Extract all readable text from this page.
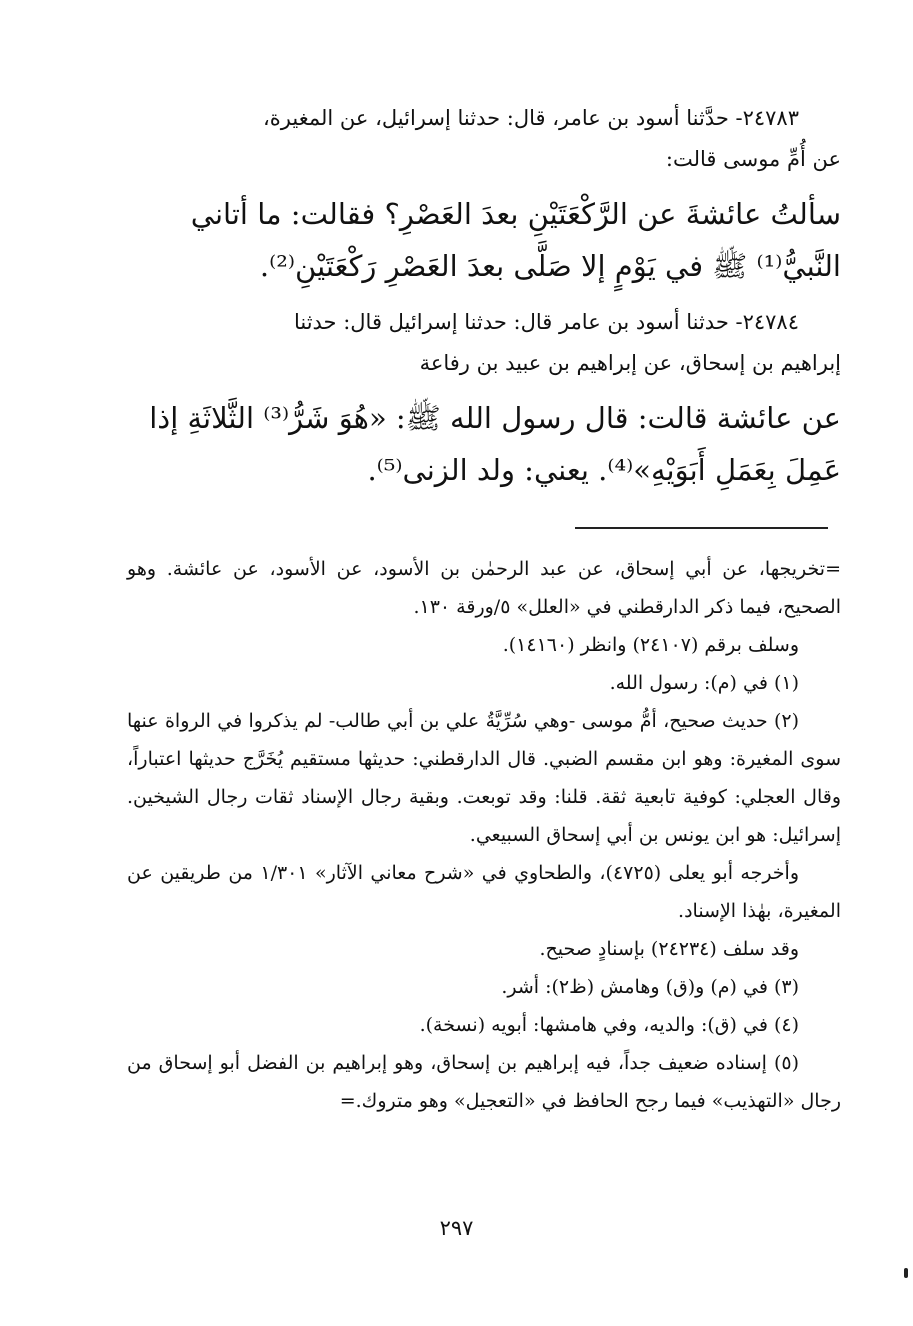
٢٤٧٨٣- حدَّثنا أسود بن عامر، قال: حدثنا إسرائيل، عن المغيرة،

عن أُمِّ موسى قالت:

سألتُ عائشةَ عن الرَّكْعَتَيْنِ بعدَ العَصْرِ؟ فقالت: ما أتاني

النَّبيُّ⁽¹⁾ ﷺ في يَوْمٍ إلا صَلَّى بعدَ العَصْرِ رَكْعَتَيْنِ⁽²⁾.

٢٤٧٨٤- حدثنا أسود بن عامر قال: حدثنا إسرائيل قال: حدثنا

إبراهيم بن إسحاق، عن إبراهيم بن عبيد بن رفاعة

عن عائشة قالت: قال رسول الله ﷺ: «هُوَ شَرُّ⁽³⁾ الثَّلاثَةِ إذا

عَمِلَ بِعَمَلِ أَبَوَيْهِ»⁽⁴⁾. يعني: ولد الزنى⁽⁵⁾.

=تخريجها، عن أبي إسحاق، عن عبد الرحمٰن بن الأسود، عن الأسود، عن عائشة. وهو الصحيح، فيما ذكر الدارقطني في «العلل» ٥/ورقة ١٣٠.

وسلف برقم (٢٤١٠٧) وانظر (١٤١٦٠).

(١) في (م): رسول الله.

(٢) حديث صحيح، أمُّ موسى -وهي سُرِّيَّةُ علي بن أبي طالب- لم يذكروا في الرواة عنها سوى المغيرة: وهو ابن مقسم الضبي. قال الدارقطني: حديثها مستقيم يُخَرَّج حديثها اعتباراً، وقال العجلي: كوفية تابعية ثقة. قلنا: وقد توبعت. وبقية رجال الإسناد ثقات رجال الشيخين. إسرائيل: هو ابن يونس بن أبي إسحاق السبيعي.

وأخرجه أبو يعلى (٤٧٢٥)، والطحاوي في «شرح معاني الآثار» ١/٣٠١ من طريقين عن المغيرة، بهٰذا الإسناد.

وقد سلف (٢٤٢٣٤) بإسنادٍ صحيح.

(٣) في (م) و(ق) وهامش (ظ٢): أشر.

(٤) في (ق): والديه، وفي هامشها: أبويه (نسخة).

(٥) إسناده ضعيف جداً، فيه إبراهيم بن إسحاق، وهو إبراهيم بن الفضل أبو إسحاق من رجال «التهذيب» فيما رجح الحافظ في «التعجيل» وهو متروك.=

٢٩٧
